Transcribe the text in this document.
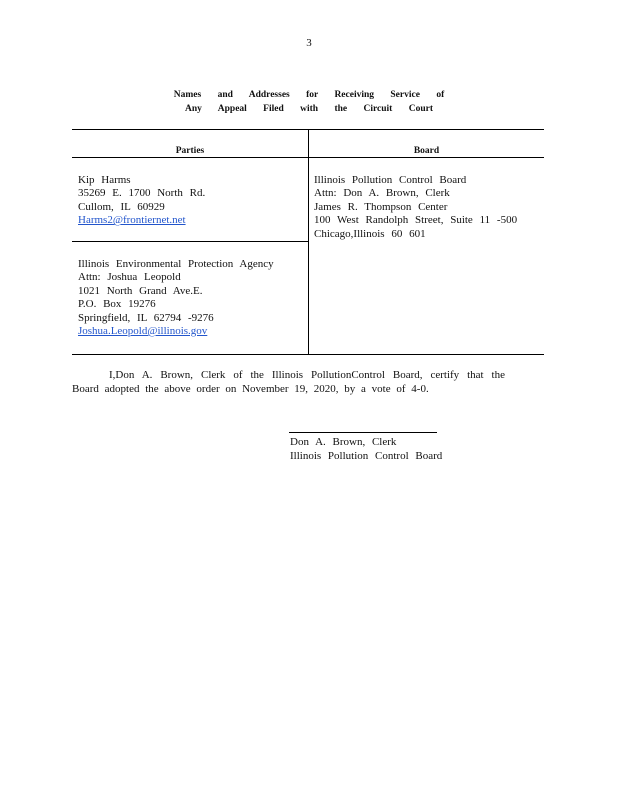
3
Names and Addresses for Receiving Service of
Any Appeal Filed with the Circuit Court
Parties	Board
Kip Harms
35269 E. 1700 North Rd.
Cullom, IL 60929
Harms2@frontiernet.net
Illinois Environmental Protection Agency
Attn: Joshua Leopold
1021 North Grand Ave.E.
P.O. Box 19276
Springfield, IL 62794 -9276
Joshua.Leopold@illinois.gov
Illinois Pollution Control Board
Attn: Don A. Brown, Clerk
James R. Thompson Center
100 West Randolph Street, Suite 11 -500
Chicago,Illinois 60 601

I,Don A. Brown, Clerk of the Illinois PollutionControl Board, certify that the Board adopted the above order on November 19, 2020, by a vote of 4-0.

Don A. Brown, Clerk
Illinois Pollution Control Board
